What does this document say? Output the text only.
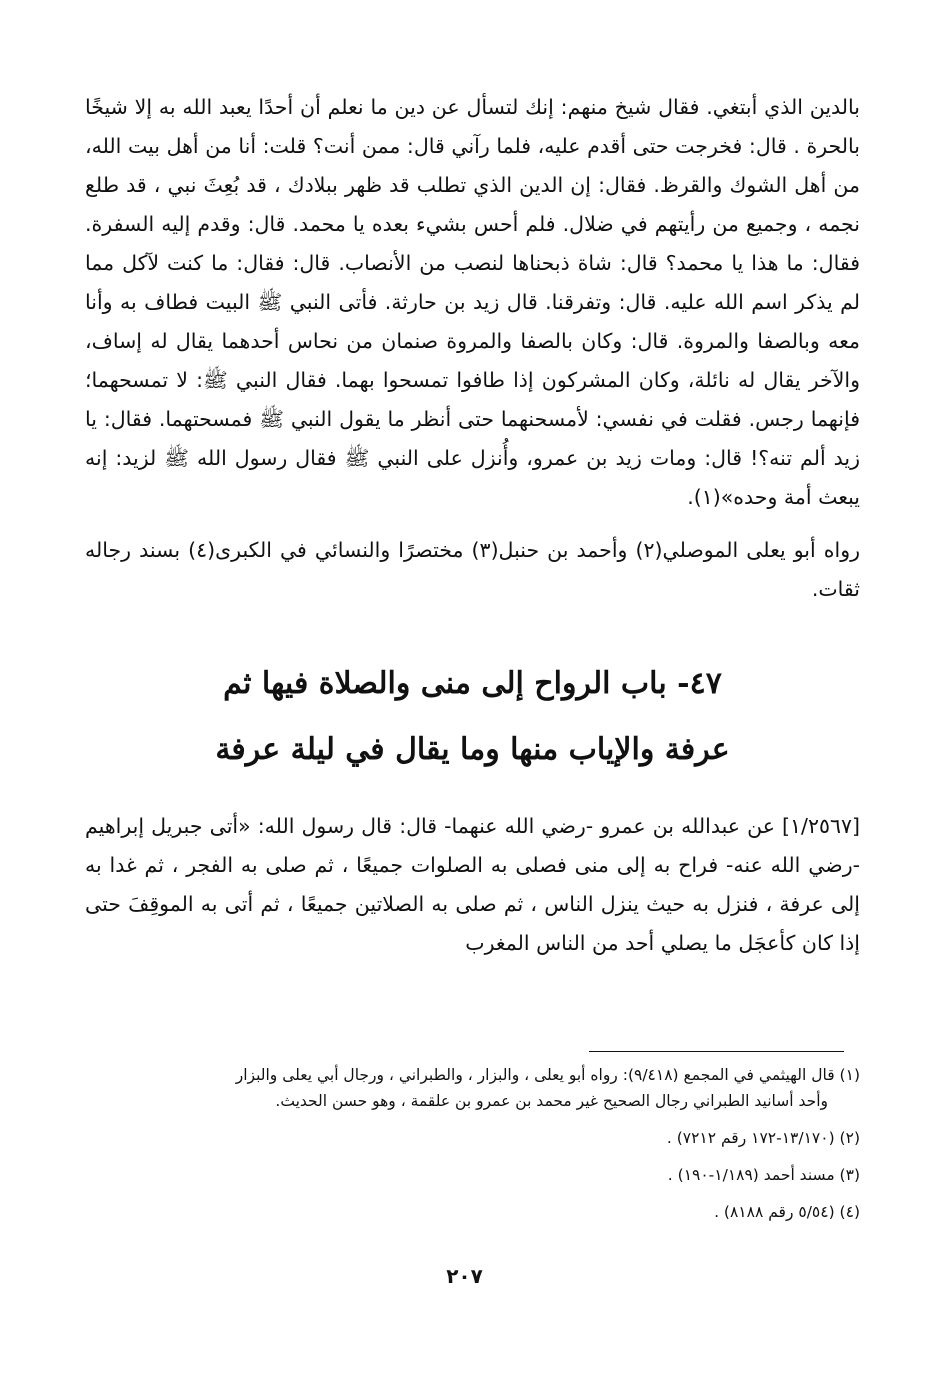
بالدين الذي أبتغي. فقال شيخ منهم: إنك لتسأل عن دين ما نعلم أن أحدًا يعبد الله به إلا شيخًا بالحرة . قال: فخرجت حتى أقدم عليه، فلما رآني قال: ممن أنت؟ قلت: أنا من أهل بيت الله، من أهل الشوك والقرظ. فقال: إن الدين الذي تطلب قد ظهر ببلادك ، قد بُعِثَ نبي ، قد طلع نجمه ، وجميع من رأيتهم في ضلال. فلم أحس بشيء بعده يا محمد. قال: وقدم إليه السفرة. فقال: ما هذا يا محمد؟ قال: شاة ذبحناها لنصب من الأنصاب. قال: فقال: ما كنت لآكل مما لم يذكر اسم الله عليه. قال: وتفرقنا. قال زيد بن حارثة. فأتى النبي ﷺ البيت فطاف به وأنا معه وبالصفا والمروة. قال: وكان بالصفا والمروة صنمان من نحاس أحدهما يقال له إساف، والآخر يقال له نائلة، وكان المشركون إذا طافوا تمسحوا بهما. فقال النبي ﷺ: لا تمسحهما؛ فإنهما رجس. فقلت في نفسي: لأمسحنهما حتى أنظر ما يقول النبي ﷺ فمسحتهما. فقال: يا زيد ألم تنه؟! قال: ومات زيد بن عمرو، وأُنزل على النبي ﷺ فقال رسول الله ﷺ لزيد: إنه يبعث أمة وحده»(١).

رواه أبو يعلى الموصلي(٢) وأحمد بن حنبل(٣) مختصرًا والنسائي في الكبرى(٤) بسند رجاله ثقات.

٤٧- باب الرواح إلى منى والصلاة فيها ثم
عرفة والإياب منها وما يقال في ليلة عرفة

[١/٢٥٦٧] عن عبدالله بن عمرو -رضي الله عنهما- قال: قال رسول الله: «أتى جبريل إبراهيم -رضي الله عنه- فراح به إلى منى فصلى به الصلوات جميعًا ، ثم صلى به الفجر ، ثم غدا به إلى عرفة ، فنزل به حيث ينزل الناس ، ثم صلى به الصلاتين جميعًا ، ثم أتى به الموقِفَ حتى إذا كان كأعجَل ما يصلي أحد من الناس المغرب

(١) قال الهيثمي في المجمع (٩/٤١٨): رواه أبو يعلى ، والبزار ، والطبراني ، ورجال أبي يعلى والبزار
وأحد أسانيد الطبراني رجال الصحيح غير محمد بن عمرو بن علقمة ، وهو حسن الحديث.
(٢) (١٣/١٧٠-١٧٢ رقم ٧٢١٢) .
(٣) مسند أحمد (١/١٨٩-١٩٠) .
(٤) (٥/٥٤ رقم ٨١٨٨) .
٢٠٧
